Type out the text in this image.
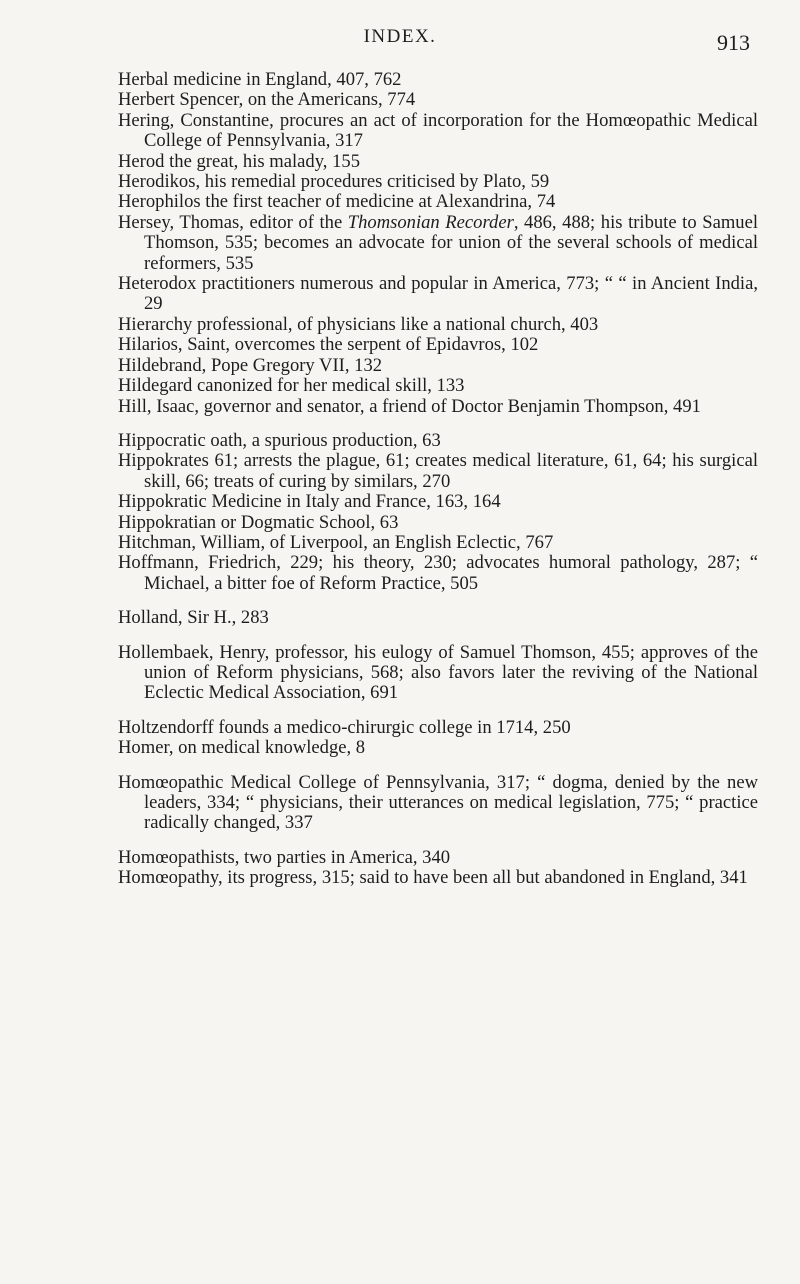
INDEX.	913

Herbal medicine in England, 407, 762

Herbert Spencer, on the Americans, 774

Hering, Constantine, procures an act of incorporation for the Homœopathic Medical College of Pennsylvania, 317

Herod the great, his malady, 155

Herodikos, his remedial procedures criticised by Plato, 59

Herophilos the first teacher of medicine at Alexandrina, 74

Hersey, Thomas, editor of the Thomsonian Recorder, 486, 488; his tribute to Samuel Thomson, 535; becomes an advocate for union of the several schools of medical reformers, 535

Heterodox practitioners numerous and popular in America, 773; “ “ in Ancient India, 29

Hierarchy professional, of physicians like a national church, 403

Hilarios, Saint, overcomes the serpent of Epidavros, 102

Hildebrand, Pope Gregory VII, 132

Hildegard canonized for her medical skill, 133

Hill, Isaac, governor and senator, a friend of Doctor Benjamin Thompson, 491

Hippocratic oath, a spurious production, 63

Hippokrates 61; arrests the plague, 61; creates medical literature, 61, 64; his surgical skill, 66; treats of curing by similars, 270

Hippokratic Medicine in Italy and France, 163, 164

Hippokratian or Dogmatic School, 63

Hitchman, William, of Liverpool, an English Eclectic, 767

Hoffmann, Friedrich, 229; his theory, 230; advocates humoral pathology, 287; “ Michael, a bitter foe of Reform Practice, 505

Holland, Sir H., 283

Hollembaek, Henry, professor, his eulogy of Samuel Thomson, 455; approves of the union of Reform physicians, 568; also favors later the reviving of the National Eclectic Medical Association, 691

Holtzendorff founds a medico-chirurgic college in 1714, 250

Homer, on medical knowledge, 8

Homœopathic Medical College of Pennsylvania, 317; “ dogma, denied by the new leaders, 334; “ physicians, their utterances on medical legislation, 775; “ practice radically changed, 337

Homœopathists, two parties in America, 340

Homœopathy, its progress, 315; said to have been all but abandoned in England, 341
